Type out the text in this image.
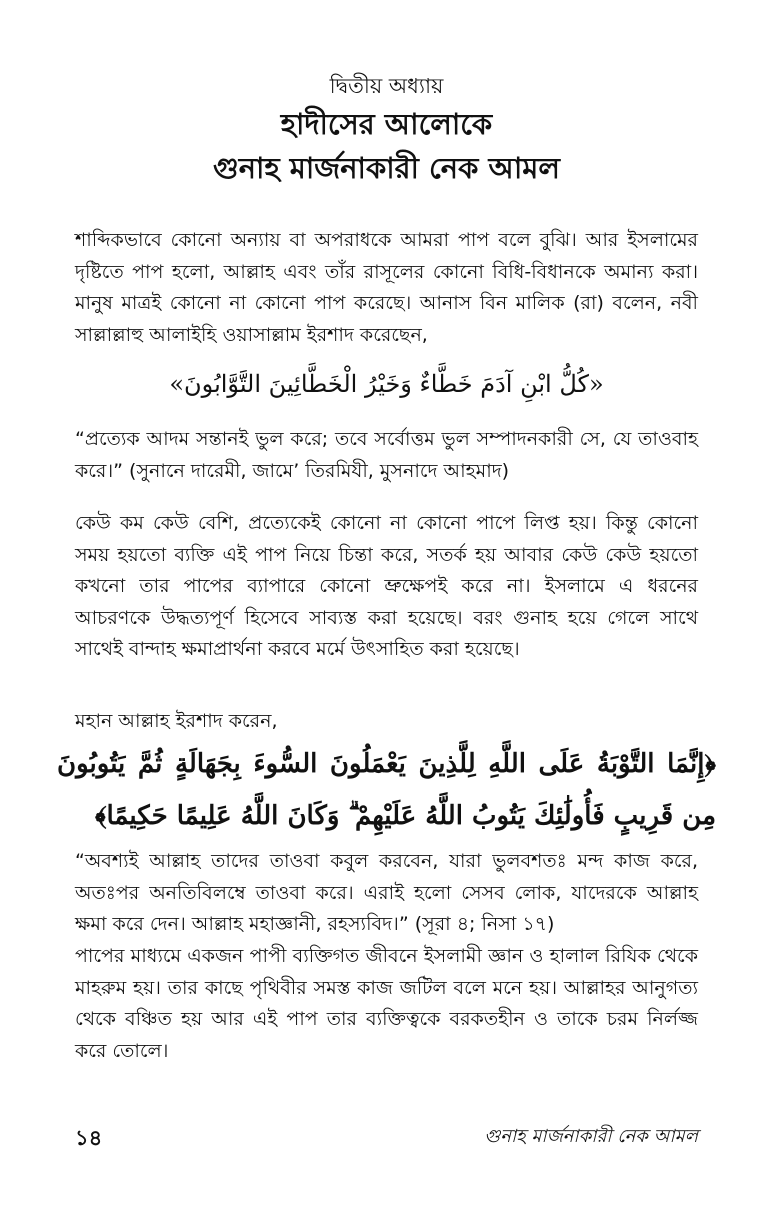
দ্বিতীয় অধ্যায়
হাদীসের আলোকে
গুনাহ মার্জনাকারী নেক আমল

শাব্দিকভাবে কোনো অন্যায় বা অপরাধকে আমরা পাপ বলে বুঝি। আর ইসলামের দৃষ্টিতে পাপ হলো, আল্লাহ এবং তাঁর রাসূলের কোনো বিধি-বিধানকে অমান্য করা। মানুষ মাত্রই কোনো না কোনো পাপ করেছে। আনাস বিন মালিক (রা) বলেন, নবী সাল্লাল্লাহু আলাইহি ওয়াসাল্লাম ইরশাদ করেছেন,

«كُلُّ ابْنِ آدَمَ خَطَّاءٌ وَخَيْرُ الْخَطَّائِينَ التَّوَّابُونَ»

“প্রত্যেক আদম সন্তানই ভুল করে; তবে সর্বোত্তম ভুল সম্পাদনকারী সে, যে তাওবাহ করে।” (সুনানে দারেমী, জামে’ তিরমিযী, মুসনাদে আহমাদ)

কেউ কম কেউ বেশি, প্রত্যেকেই কোনো না কোনো পাপে লিপ্ত হয়। কিন্তু কোনো সময় হয়তো ব্যক্তি এই পাপ নিয়ে চিন্তা করে, সতর্ক হয় আবার কেউ কেউ হয়তো কখনো তার পাপের ব্যাপারে কোনো ভ্রুক্ষেপই করে না। ইসলামে এ ধরনের আচরণকে উদ্ধত্যপূর্ণ হিসেবে সাব্যস্ত করা হয়েছে। বরং গুনাহ হয়ে গেলে সাথে সাথেই বান্দাহ ক্ষমাপ্রার্থনা করবে মর্মে উৎসাহিত করা হয়েছে।

মহান আল্লাহ ইরশাদ করেন,

﴿إِنَّمَا التَّوْبَةُ عَلَى اللَّهِ لِلَّذِينَ يَعْمَلُونَ السُّوءَ بِجَهَالَةٍ ثُمَّ يَتُوبُونَ مِن قَرِيبٍ فَأُولَٰئِكَ يَتُوبُ اللَّهُ عَلَيْهِمْ ۗ وَكَانَ اللَّهُ عَلِيمًا حَكِيمًا﴾

“অবশ্যই আল্লাহ তাদের তাওবা কবুল করবেন, যারা ভুলবশতঃ মন্দ কাজ করে, অতঃপর অনতিবিলম্বে তাওবা করে। এরাই হলো সেসব লোক, যাদেরকে আল্লাহ ক্ষমা করে দেন। আল্লাহ মহাজ্ঞানী, রহস্যবিদ।” (সূরা ৪; নিসা ১৭)

পাপের মাধ্যমে একজন পাপী ব্যক্তিগত জীবনে ইসলামী জ্ঞান ও হালাল রিযিক থেকে মাহরুম হয়। তার কাছে পৃথিবীর সমস্ত কাজ জটিল বলে মনে হয়। আল্লাহর আনুগত্য থেকে বঞ্চিত হয় আর এই পাপ তার ব্যক্তিত্বকে বরকতহীন ও তাকে চরম নির্লজ্জ করে তোলে।

১৪	গুনাহ মার্জনাকারী নেক আমল
